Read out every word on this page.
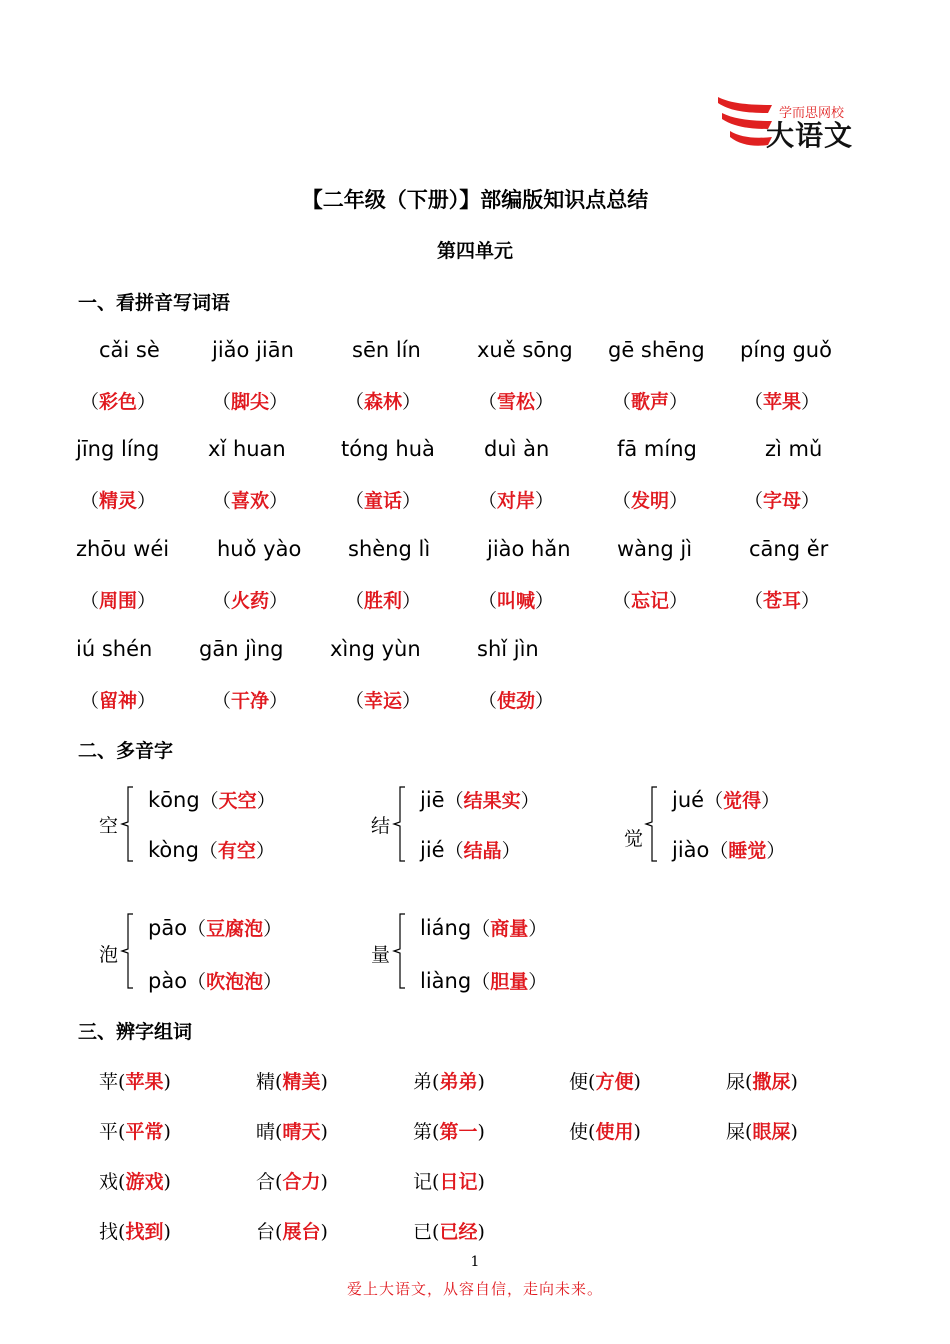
学而思网校
大语文
【二年级（下册）】部编版知识点总结
第四单元
一、看拼音写词语
cǎi sè
（彩色）
jiǎo jiān
（脚尖）
sēn lín
（森林）
xuě sōng
（雪松）
gē shēng
（歌声）
píng guǒ
（苹果）
jīng líng
（精灵）
xǐ huan
（喜欢）
tóng huà
（童话）
duì àn
（对岸）
fā míng
（发明）
zì mǔ
（字母）
zhōu wéi
（周围）
huǒ yào
（火药）
shèng lì
（胜利）
jiào hǎn
（叫喊）
wàng jì
（忘记）
cāng ěr
（苍耳）
iú shén
（留神）
gān jìng
（干净）
xìng yùn
（幸运）
shǐ jìn
（使劲）
二、多音字
空
kōng（天空）
kòng（有空）
结
jiē（结果实）
jié（结晶）
觉
jué（觉得）
jiào（睡觉）
泡
pāo（豆腐泡）
pào（吹泡泡）
量
liáng（商量）
liàng（胆量）
三、辨字组词
苹(苹果)
平(平常)
戏(游戏)
找(找到)
精(精美)
晴(晴天)
合(合力)
台(展台)
弟(弟弟)
第(第一)
记(日记)
已(已经)
便(方便)
使(使用)
尿(撒尿)
屎(眼屎)
1
爱上大语文，从容自信，走向未来。
